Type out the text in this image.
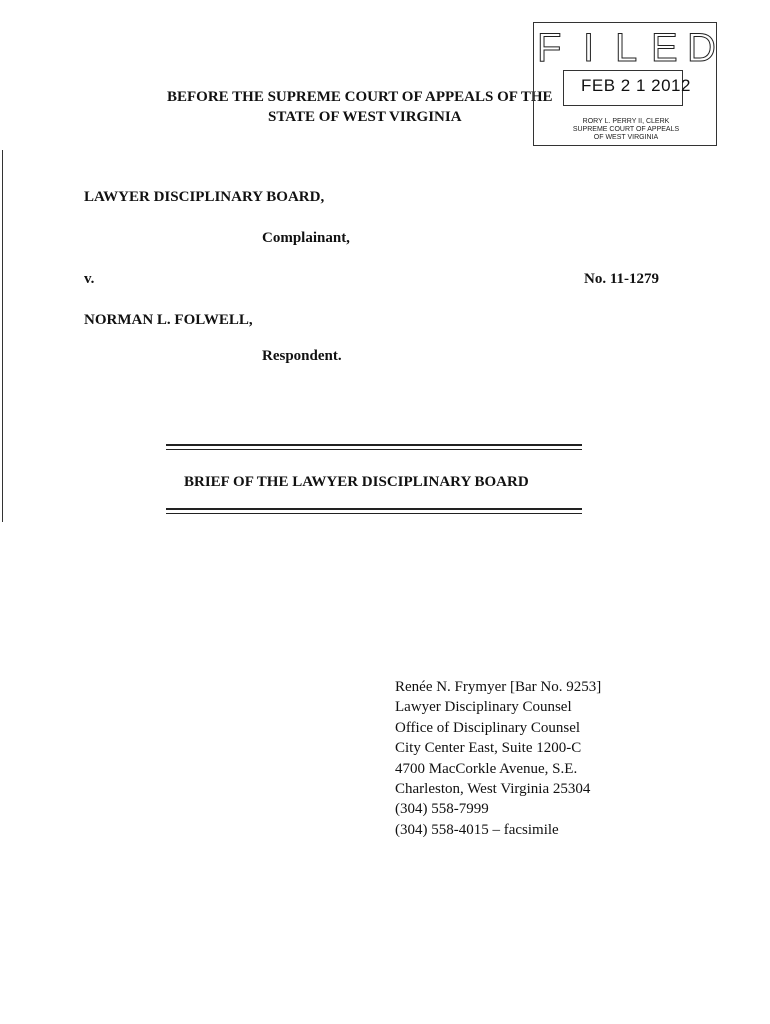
BEFORE THE SUPREME COURT OF APPEALS OF THE
STATE OF WEST VIRGINIA
F I L E D
FEB 2 1 2012
RORY L. PERRY II, CLERK
SUPREME COURT OF APPEALS
OF WEST VIRGINIA
LAWYER DISCIPLINARY BOARD,
Complainant,
v.	No. 11-1279
NORMAN L. FOLWELL,
Respondent.
BRIEF OF THE LAWYER DISCIPLINARY BOARD
Renée N. Frymyer [Bar No. 9253]
Lawyer Disciplinary Counsel
Office of Disciplinary Counsel
City Center East, Suite 1200-C
4700 MacCorkle Avenue, S.E.
Charleston, West Virginia 25304
(304) 558-7999
(304) 558-4015 – facsimile
